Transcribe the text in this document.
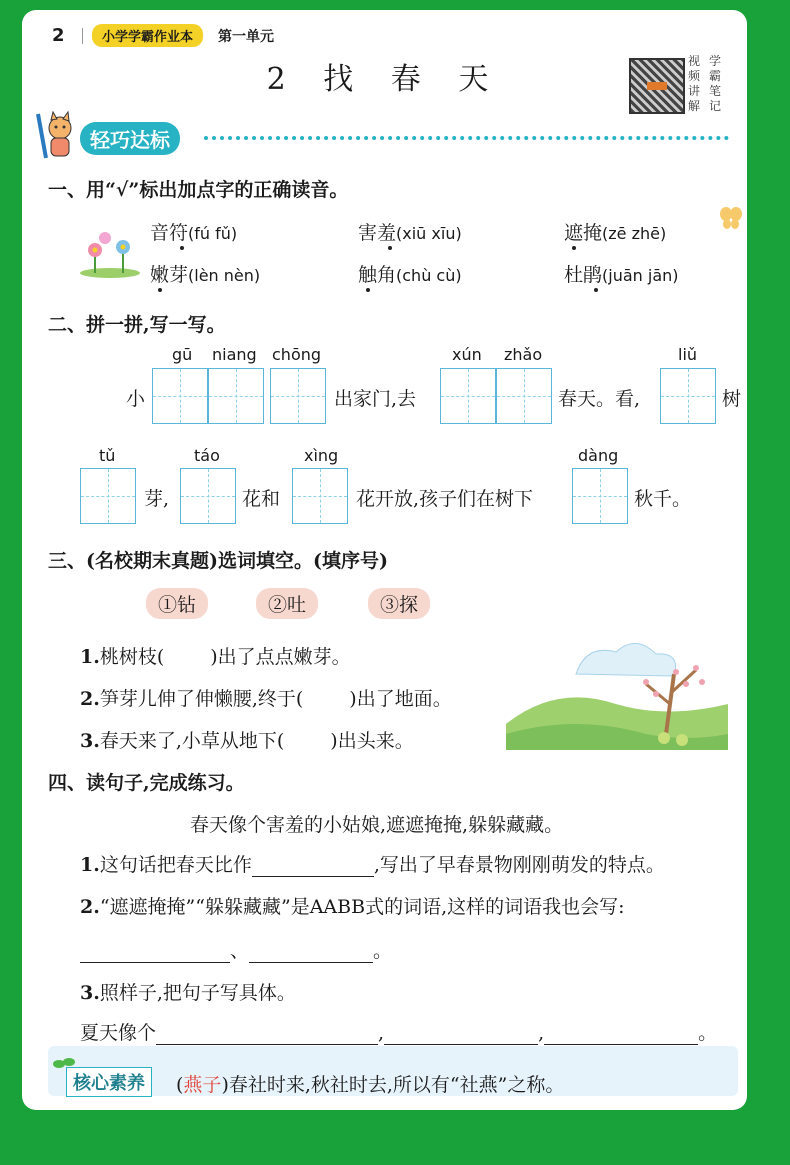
2	小学学霸作业本	第一单元
2 找 春 天
视
频
讲
解
学
霸
笔
记
轻巧达标
一、用“√”标出加点字的正确读音。
音符(fú fǔ)	害羞(xiū xīu)	遮掩(zē zhē)
嫩芽(lèn nèn)	触角(chù cù)	杜鹃(juān jān)
二、拼一拼,写一写。
gū niang chōng	xún zhǎo	liǔ
小	出家门,去	春天。看,	树
tǔ	táo	xìng	dàng
芽,	花和	花开放,孩子们在树下	秋千。
三、(名校期末真题)选词填空。(填序号)
①钻	②吐	③探
1.桃树枝( )出了点点嫩芽。
2.笋芽儿伸了伸懒腰,终于( )出了地面。
3.春天来了,小草从地下( )出头来。
四、读句子,完成练习。
春天像个害羞的小姑娘,遮遮掩掩,躲躲藏藏。
1.这句话把春天比作	,写出了早春景物刚刚萌发的特点。
2.“遮遮掩掩”“躲躲藏藏”是AABB式的词语,这样的词语我也会写:
、	。
3.照样子,把句子写具体。
夏天像个	,	,	。
核心素养	(燕子)春社时来,秋社时去,所以有“社燕”之称。
